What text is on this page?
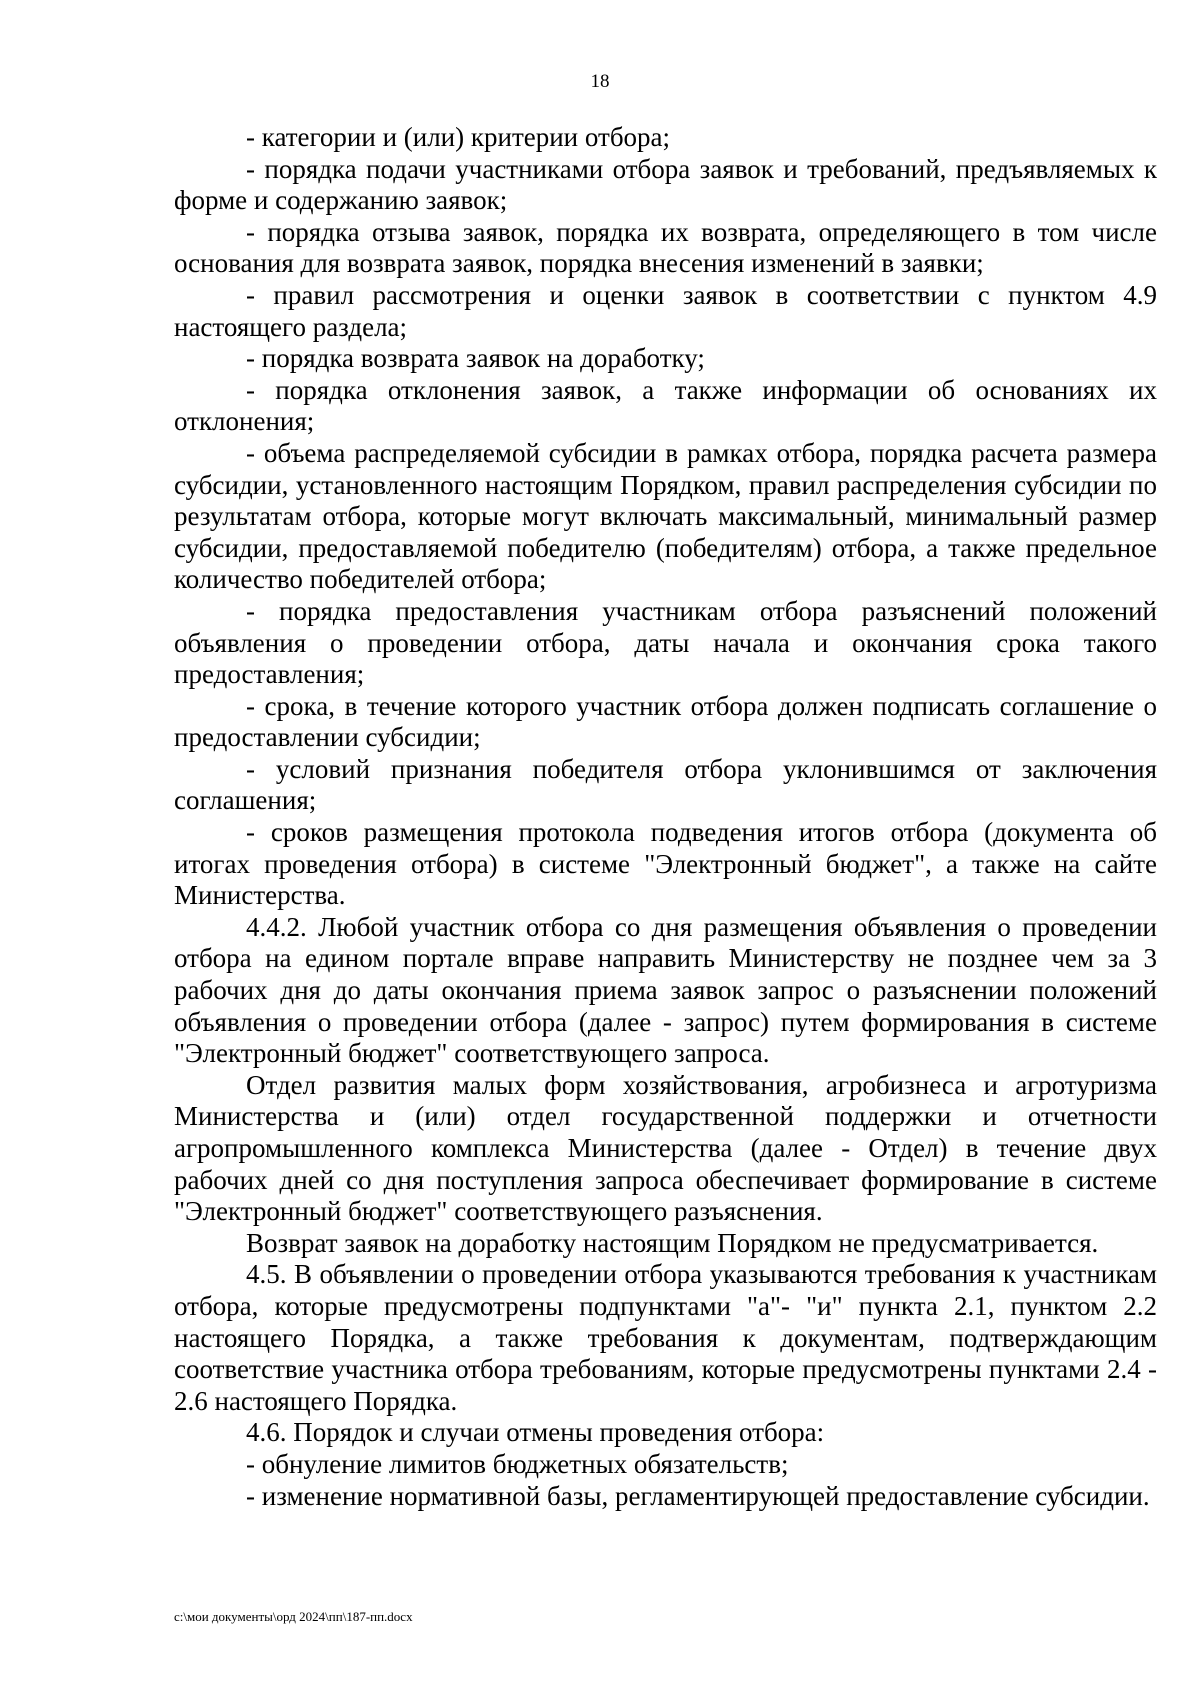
18

- категории и (или) критерии отбора;

- порядка подачи участниками отбора заявок и требований, предъявляемых к форме и содержанию заявок;

- порядка отзыва заявок, порядка их возврата, определяющего в том числе основания для возврата заявок, порядка внесения изменений в заявки;

- правил рассмотрения и оценки заявок в соответствии с пунктом 4.9 настоящего раздела;

- порядка возврата заявок на доработку;

- порядка отклонения заявок, а также информации об основаниях их отклонения;

- объема распределяемой субсидии в рамках отбора, порядка расчета размера субсидии, установленного настоящим Порядком, правил распределения субсидии по результатам отбора, которые могут включать максимальный, минимальный размер субсидии, предоставляемой победителю (победителям) отбора, а также предельное количество победителей отбора;

- порядка предоставления участникам отбора разъяснений положений объявления о проведении отбора, даты начала и окончания срока такого предоставления;

- срока, в течение которого участник отбора должен подписать соглашение о предоставлении субсидии;

- условий признания победителя отбора уклонившимся от заключения соглашения;

- сроков размещения протокола подведения итогов отбора (документа об итогах проведения отбора) в системе "Электронный бюджет", а также на сайте Министерства.

4.4.2. Любой участник отбора со дня размещения объявления о проведении отбора на едином портале вправе направить Министерству не позднее чем за 3 рабочих дня до даты окончания приема заявок запрос о разъяснении положений объявления о проведении отбора (далее - запрос) путем формирования в системе "Электронный бюджет" соответствующего запроса.

Отдел развития малых форм хозяйствования, агробизнеса и агротуризма Министерства и (или) отдел государственной поддержки и отчетности агропромышленного комплекса Министерства (далее - Отдел) в течение двух рабочих дней со дня поступления запроса обеспечивает формирование в системе "Электронный бюджет" соответствующего разъяснения.

Возврат заявок на доработку настоящим Порядком не предусматривается.

4.5. В объявлении о проведении отбора указываются требования к участникам отбора, которые предусмотрены подпунктами "а"- "и" пункта 2.1, пунктом 2.2 настоящего Порядка, а также требования к документам, подтверждающим соответствие участника отбора требованиям, которые предусмотрены пунктами 2.4 - 2.6 настоящего Порядка.

4.6. Порядок и случаи отмены проведения отбора:

- обнуление лимитов бюджетных обязательств;

- изменение нормативной базы, регламентирующей предоставление субсидии.

c:\мои документы\орд 2024\пп\187-пп.docx
